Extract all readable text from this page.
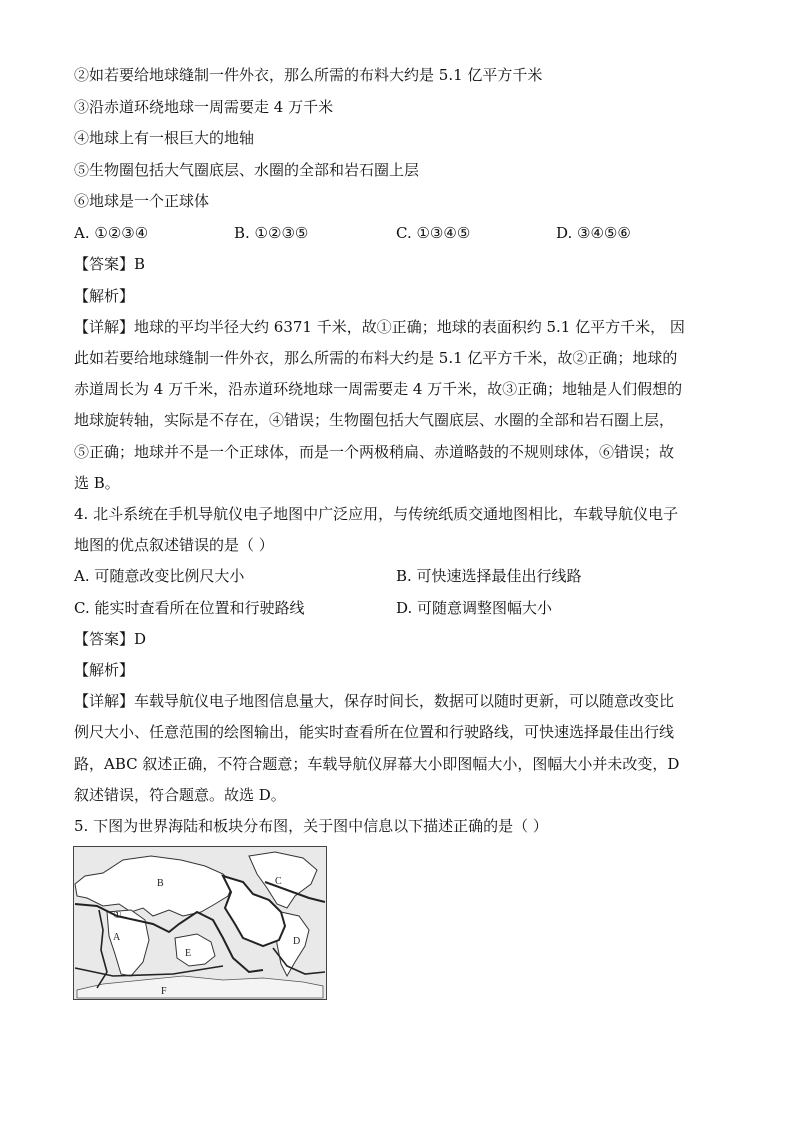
②如若要给地球缝制一件外衣，那么所需的布料大约是 5.1 亿平方千米
③沿赤道环绕地球一周需要走 4 万千米
④地球上有一根巨大的地轴
⑤生物圈包括大气圈底层、水圈的全部和岩石圈上层
⑥地球是一个正球体
A. ①②③④	B. ①②③⑤	C. ①③④⑤	D. ③④⑤⑥
【答案】B
【解析】
【详解】地球的平均半径大约 6371 千米，故①正确；地球的表面积约 5.1 亿平方千米， 因
此如若要给地球缝制一件外衣，那么所需的布料大约是 5.1 亿平方千米，故②正确；地球的
赤道周长为 4 万千米，沿赤道环绕地球一周需要走 4 万千米，故③正确；地轴是人们假想的
地球旋转轴，实际是不存在，④错误；生物圈包括大气圈底层、水圈的全部和岩石圈上层，
⑤正确；地球并不是一个正球体，而是一个两极稍扁、赤道略鼓的不规则球体，⑥错误；故
选 B。
4. 北斗系统在手机导航仪电子地图中广泛应用，与传统纸质交通地图相比，车载导航仪电子
地图的优点叙述错误的是（ ）
A. 可随意改变比例尺大小	B. 可快速选择最佳出行线路
C. 能实时查看所在位置和行驶路线	D. 可随意调整图幅大小
【答案】D
【解析】
【详解】车载导航仪电子地图信息量大，保存时间长，数据可以随时更新，可以随意改变比
例尺大小、任意范围的绘图输出，能实时查看所在位置和行驶路线，可快速选择最佳出行线
路，ABC 叙述正确，不符合题意；车载导航仪屏幕大小即图幅大小，图幅大小并未改变，D
叙述错误，符合题意。故选 D。
5. 下图为世界海陆和板块分布图，关于图中信息以下描述正确的是（ ）
B	C
A	D
E
F
①
